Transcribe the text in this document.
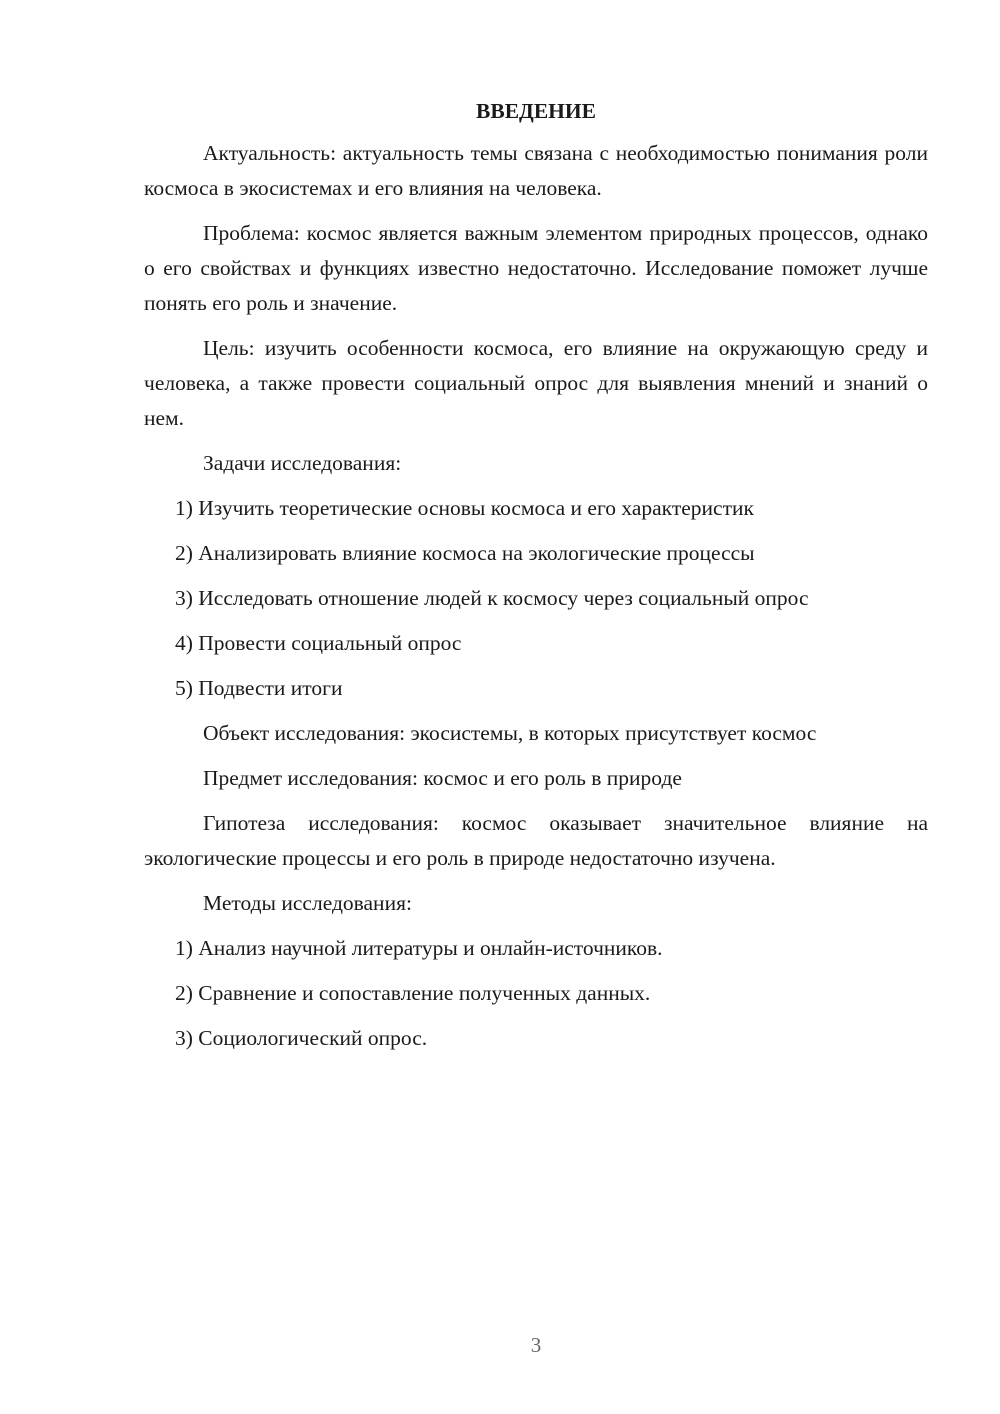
ВВЕДЕНИЕ

Актуальность: актуальность темы связана с необходимостью понимания роли космоса в экосистемах и его влияния на человека.

Проблема: космос является важным элементом природных процессов, однако о его свойствах и функциях известно недостаточно. Исследование поможет лучше понять его роль и значение.

Цель: изучить особенности космоса, его влияние на окружающую среду и человека, а также провести социальный опрос для выявления мнений и знаний о нем.

Задачи исследования:
1) Изучить теоретические основы космоса и его характеристик
2) Анализировать влияние космоса на экологические процессы
3) Исследовать отношение людей к космосу через социальный опрос
4) Провести социальный опрос
5) Подвести итоги
Объект исследования: экосистемы, в которых присутствует космос
Предмет исследования: космос и его роль в природе

Гипотеза исследования: космос оказывает значительное влияние на экологические процессы и его роль в природе недостаточно изучена.

Методы исследования:
1) Анализ научной литературы и онлайн-источников.
2) Сравнение и сопоставление полученных данных.
3) Социологический опрос.
3
